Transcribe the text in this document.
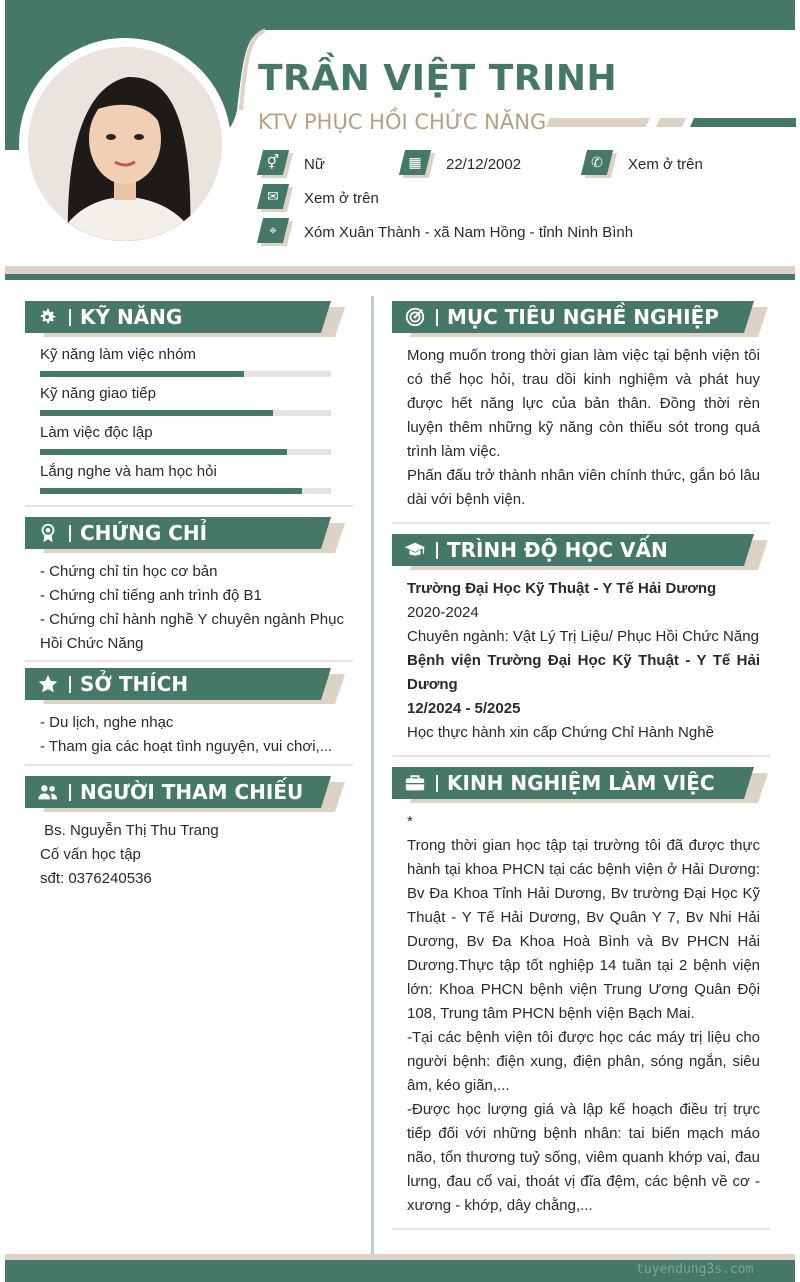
TRẦN VIỆT TRINH
KTV PHỤC HỒI CHỨC NĂNG
⚥	Nữ	▦	22/12/2002	✆	Xem ở trên
✉	Xem ở trên
⌖	Xóm Xuân Thành - xã Nam Hồng - tỉnh Ninh Bình
KỸ NĂNG
Kỹ năng làm việc nhóm
Kỹ năng giao tiếp
Làm việc độc lập
Lắng nghe và ham học hỏi
CHỨNG CHỈ
- Chứng chỉ tin học cơ bản
- Chứng chỉ tiếng anh trình độ B1
- Chứng chỉ hành nghề Y chuyên ngành Phục Hồi Chức Năng
SỞ THÍCH
- Du lịch, nghe nhạc
- Tham gia các hoạt tình nguyện, vui chơi,...
NGƯỜI THAM CHIẾU
Bs. Nguyễn Thị Thu Trang
Cố vấn học tập
sđt: 0376240536
MỤC TIÊU NGHỀ NGHIỆP
Mong muốn trong thời gian làm việc tại bệnh viện tôi có thể học hỏi, trau dồi kinh nghiệm và phát huy được hết năng lực của bản thân. Đồng thời rèn luyện thêm những kỹ năng còn thiếu sót trong quá trình làm việc.
Phấn đấu trở thành nhân viên chính thức, gắn bó lâu dài với bệnh viện.
TRÌNH ĐỘ HỌC VẤN
Trường Đại Học Kỹ Thuật - Y Tế Hải Dương
2020-2024
Chuyên ngành: Vật Lý Trị Liệu/ Phục Hồi Chức Năng
Bệnh viện Trường Đại Học Kỹ Thuật - Y Tế Hải Dương
12/2024 - 5/2025
Học thực hành xin cấp Chứng Chỉ Hành Nghề
KINH NGHIỆM LÀM VIỆC
*
Trong thời gian học tập tại trường tôi đã được thực hành tại khoa PHCN tại các bệnh viện ở Hải Dương: Bv Đa Khoa Tỉnh Hải Dương, Bv trường Đại Học Kỹ Thuật - Y Tế Hải Dương, Bv Quân Y 7, Bv Nhi Hải Dương, Bv Đa Khoa Hoà Bình và Bv PHCN Hải Dương.Thực tập tốt nghiệp 14 tuần tại 2 bệnh viện lớn: Khoa PHCN bệnh viện Trung Ương Quân Đội 108, Trung tâm PHCN bệnh viện Bạch Mai.
-Tại các bệnh viện tôi được học các máy trị liệu cho người bệnh: điện xung, điện phân, sóng ngắn, siêu âm, kéo giãn,...
-Được học lượng giá và lập kế hoạch điều trị trực tiếp đối với những bệnh nhân: tai biến mạch máo não, tổn thương tuỷ sống, viêm quanh khớp vai, đau lưng, đau cổ vai, thoát vị đĩa đệm, các bệnh về cơ - xương - khớp, dây chằng,...
tuyendung3s.com
